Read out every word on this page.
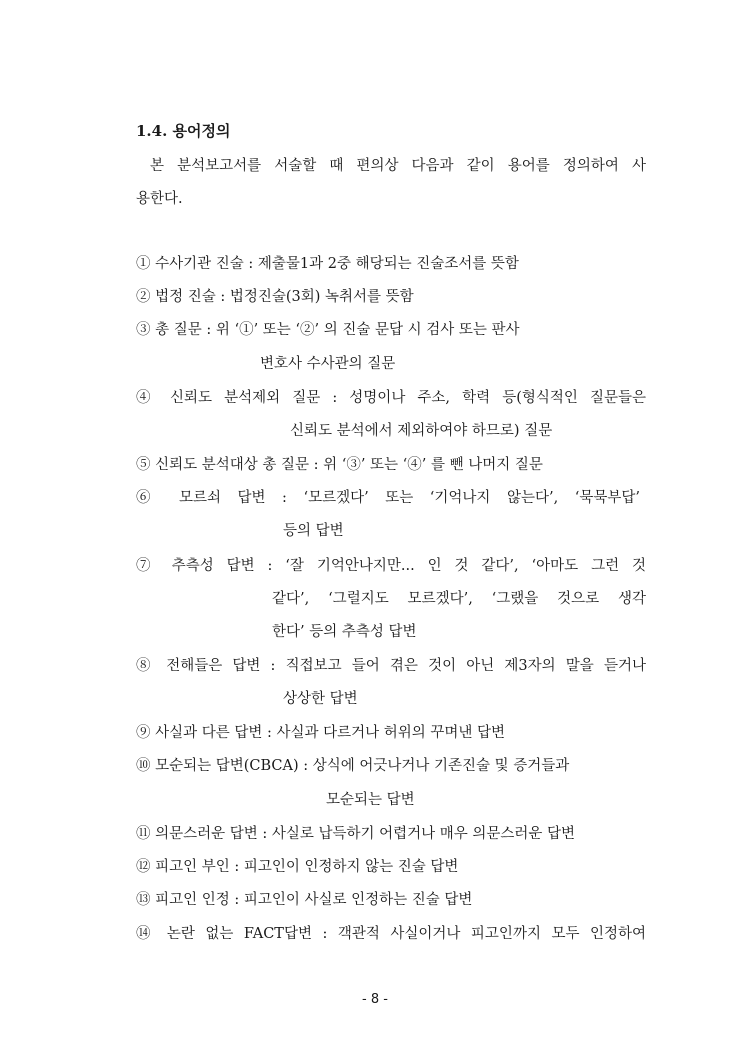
1.4. 용어정의
본 분석보고서를 서술할 때 편의상 다음과 같이 용어를 정의하여 사
용한다.
① 수사기관 진술 : 제출물1과 2중 해당되는 진술조서를 뜻함
② 법정 진술 : 법정진술(3회) 녹취서를 뜻함
③ 총 질문 : 위 ‘①’ 또는 ‘②’ 의 진술 문답 시 검사 또는 판사
변호사 수사관의 질문
④ 신뢰도 분석제외 질문 : 성명이나 주소, 학력 등(형식적인 질문들은
신뢰도 분석에서 제외하여야 하므로) 질문
⑤ 신뢰도 분석대상 총 질문 : 위 ‘③’ 또는 ‘④’ 를 뺀 나머지 질문
⑥ 모르쇠 답변 : ‘모르겠다’ 또는 ‘기억나지 않는다’, ‘묵묵부답’
등의 답변
⑦ 추측성 답변 : ‘잘 기억안나지만... 인 것 같다’, ‘아마도 그런 것
같다’, ‘그럴지도 모르겠다’, ‘그랬을 것으로 생각
한다’ 등의 추측성 답변
⑧ 전해들은 답변 : 직접보고 들어 겪은 것이 아닌 제3자의 말을 듣거나
상상한 답변
⑨ 사실과 다른 답변 : 사실과 다르거나 허위의 꾸며낸 답변
⑩ 모순되는 답변(CBCA) : 상식에 어긋나거나 기존진술 및 증거들과
모순되는 답변
⑪ 의문스러운 답변 : 사실로 납득하기 어렵거나 매우 의문스러운 답변
⑫ 피고인 부인 : 피고인이 인정하지 않는 진술 답변
⑬ 피고인 인정 : 피고인이 사실로 인정하는 진술 답변
⑭ 논란 없는 FACT답변 : 객관적 사실이거나 피고인까지 모두 인정하여
- 8 -
